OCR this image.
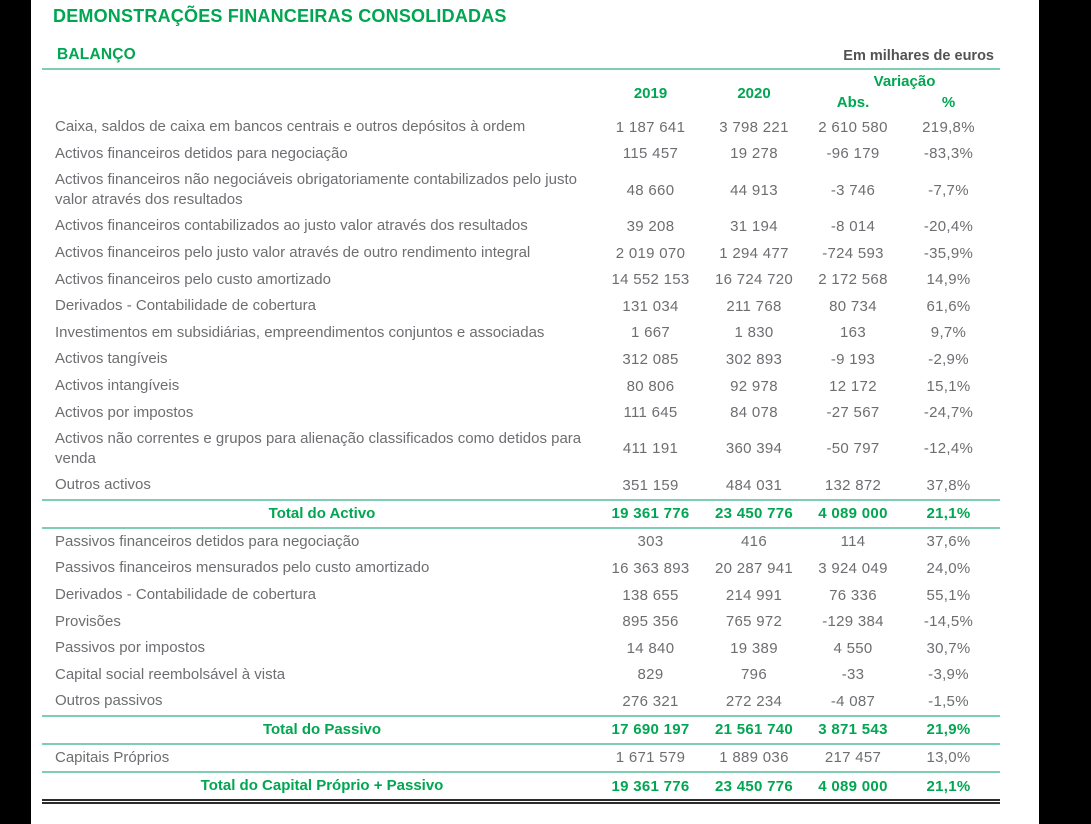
DEMONSTRAÇÕES FINANCEIRAS CONSOLIDADAS
BALANÇO	Em milhares de euros
2019	2020
Variação
Abs.	%
Caixa, saldos de caixa em bancos centrais e outros depósitos à ordem	1 187 641	3 798 221	2 610 580	219,8%
Activos financeiros detidos para negociação	115 457	19 278	-96 179	-83,3%
Activos financeiros não negociáveis obrigatoriamente contabilizados pelo justo valor através dos resultados
48 660	44 913	-3 746	-7,7%
Activos financeiros contabilizados ao justo valor através dos resultados	39 208	31 194	-8 014	-20,4%
Activos financeiros pelo justo valor através de outro rendimento integral	2 019 070	1 294 477	-724 593	-35,9%
Activos financeiros pelo custo amortizado	14 552 153	16 724 720	2 172 568	14,9%
Derivados - Contabilidade de cobertura	131 034	211 768	80 734	61,6%
Investimentos em subsidiárias, empreendimentos conjuntos e associadas	1 667	1 830	163	9,7%
Activos tangíveis	312 085	302 893	-9 193	-2,9%
Activos intangíveis	80 806	92 978	12 172	15,1%
Activos por impostos	111 645	84 078	-27 567	-24,7%
Activos não correntes e grupos para alienação classificados como detidos para venda
411 191	360 394	-50 797	-12,4%
Outros activos	351 159	484 031	132 872	37,8%
Total do Activo	19 361 776	23 450 776	4 089 000	21,1%
Passivos financeiros detidos para negociação	303	416	114	37,6%
Passivos financeiros mensurados pelo custo amortizado	16 363 893	20 287 941	3 924 049	24,0%
Derivados - Contabilidade de cobertura	138 655	214 991	76 336	55,1%
Provisões	895 356	765 972	-129 384	-14,5%
Passivos por impostos	14 840	19 389	4 550	30,7%
Capital social reembolsável à vista	829	796	-33	-3,9%
Outros passivos	276 321	272 234	-4 087	-1,5%
Total do Passivo	17 690 197	21 561 740	3 871 543	21,9%
Capitais Próprios	1 671 579	1 889 036	217 457	13,0%
Total do Capital Próprio + Passivo	19 361 776	23 450 776	4 089 000	21,1%
